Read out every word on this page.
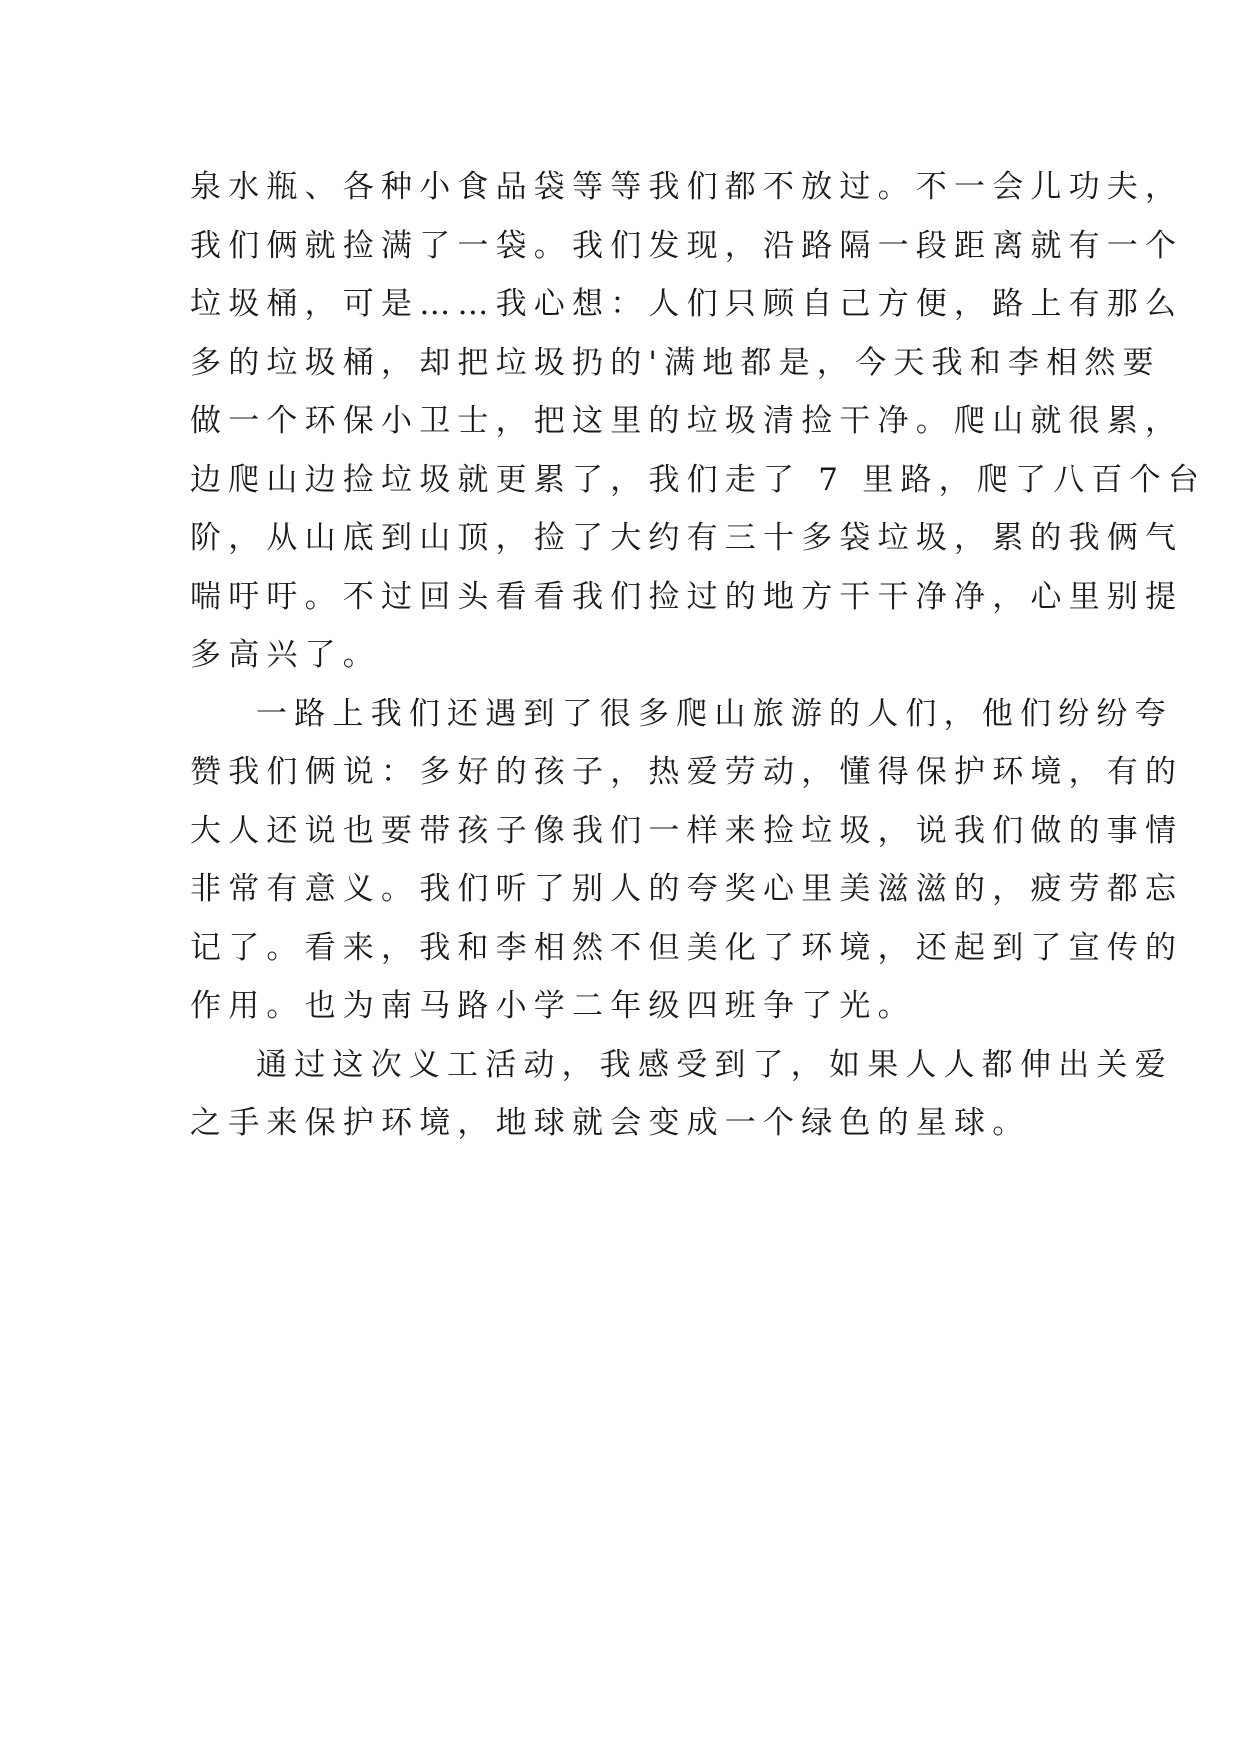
泉水瓶、各种小食品袋等等我们都不放过。不一会儿功夫，
我们俩就捡满了一袋。我们发现，沿路隔一段距离就有一个
垃圾桶，可是……我心想：人们只顾自己方便，路上有那么
多的垃圾桶，却把垃圾扔的'满地都是，今天我和李相然要
做一个环保小卫士，把这里的垃圾清捡干净。爬山就很累，
边爬山边捡垃圾就更累了，我们走了 7 里路，爬了八百个台
阶，从山底到山顶，捡了大约有三十多袋垃圾，累的我俩气
喘吁吁。不过回头看看我们捡过的地方干干净净，心里别提
多高兴了。
一路上我们还遇到了很多爬山旅游的人们，他们纷纷夸
赞我们俩说：多好的孩子，热爱劳动，懂得保护环境，有的
大人还说也要带孩子像我们一样来捡垃圾，说我们做的事情
非常有意义。我们听了别人的夸奖心里美滋滋的，疲劳都忘
记了。看来，我和李相然不但美化了环境，还起到了宣传的
作用。也为南马路小学二年级四班争了光。
通过这次义工活动，我感受到了，如果人人都伸出关爱
之手来保护环境，地球就会变成一个绿色的星球。
